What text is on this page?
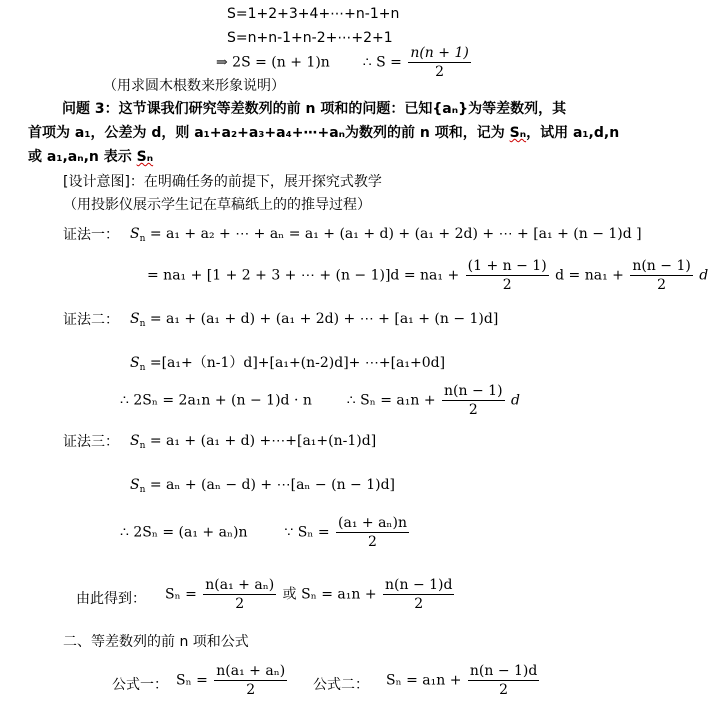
S=1+2+3+4+⋯+n-1+n
S=n+n-1+n-2+⋯+2+1
⇒ 2S = (n + 1)n ∴ $S = \frac{n(n + 1)}{2}$
（用求圆木根数来形象说明）
问题 3：这节课我们研究等差数列的前 n 项和的问题：已知{aₙ}为等差数列，其
首项为 a₁，公差为 d，则 a₁+a₂+a₃+a₄+⋯+aₙ为数列的前 n 项和，记为 Sₙ，试用 a₁,d,n
或 a₁,aₙ,n 表示 Sₙ
[设计意图]：在明确任务的前提下，展开探究式教学
（用投影仪展示学生记在草稿纸上的的推导过程）
证法一： $S_n = a_1 + a_2$ + ⋯ + aₙ = a₁ + (a₁ + d) + (a₁ + 2d) + ⋯ + [a₁ + (n − 1)d ]
= na₁ + [1 + 2 + 3 + ⋯ + $(n - 1)]d = na_1 + \frac{(1 + n - 1)}{2}$ $d = na_1 + \frac{n(n - 1)}{2}$ d
证法二： $S_n = a_1 + (a_1 + d) + (a_1 + 2d)$ + ⋯ + [a₁ + (n − 1)d]
$S_n =[a_1+(n-1)d]+[a_1+(n-2)d]+$ ⋯+[a₁+0d]
∴ 2Sₙ = 2a₁n + (n − 1)d · n ∴ $S_n = a_1n + \frac{n(n - 1)}{2}$ d
证法三： $S_n = a_1 + (a_1 + d)$ +⋯+[a₁+(n-1)d]
$S_n = a_n + (a_n - d)$ + ⋯[aₙ − (n − 1)d]
∴ 2Sₙ = (a₁ + aₙ)n	∵ $S_n = \frac{\text{(a₁ + aₙ)n}}{2}$
由此得到： $S_n = \frac{\text{n(a₁ + aₙ)}}{2}$ 或 $S_n = a_1n + \frac{n(n - 1)d}{2}$
二、等差数列的前 n 项和公式
公式一： $S_n = \frac{\text{n(a₁ + aₙ)}}{2}$ 公式二： $S_n = a_1n + \frac{n(n - 1)d}{2}$
